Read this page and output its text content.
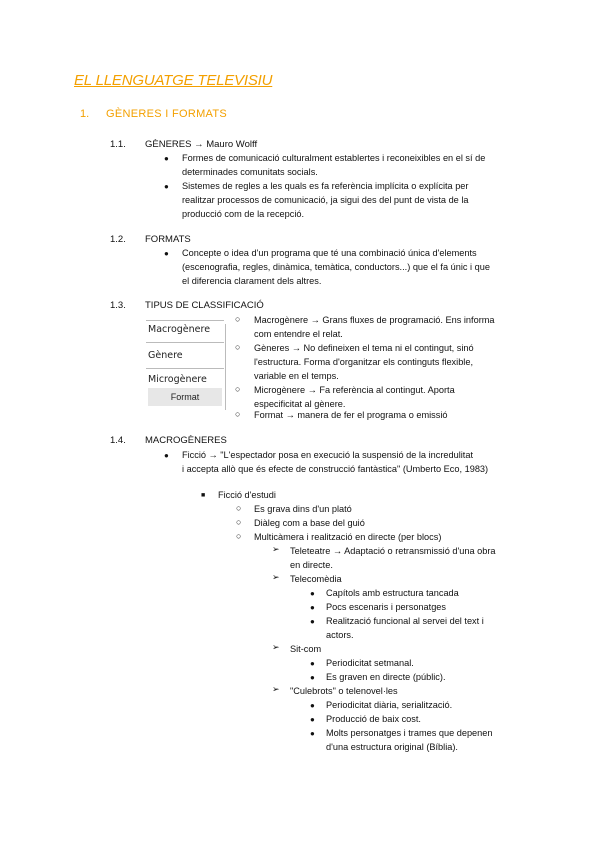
EL LLENGUATGE TELEVISIU
1. GÈNERES I FORMATS
1.1. GÈNERES → Mauro Wolff
● Formes de comunicació culturalment establertes i reconeixibles en el sí de
determinades comunitats socials.
● Sistemes de regles a les quals es fa referència implícita o explícita per
realitzar processos de comunicació, ja sigui des del punt de vista de la
producció com de la recepció.
1.2. FORMATS
● Concepte o idea d'un programa que té una combinació única d'elements
(escenografia, regles, dinàmica, temàtica, conductors...) que el fa únic i que
el diferencia clarament dels altres.
1.3. TIPUS DE CLASSIFICACIÓ
Macrogènere
Gènere
Microgènere
Format
○ Macrogènere → Grans fluxes de programació. Ens informa
com entendre el relat.
○ Gèneres → No defineixen el tema ni el contingut, sinó
l'estructura. Forma d'organitzar els continguts flexible,
variable en el temps.
○ Microgènere → Fa referència al contingut. Aporta
especificitat al gènere.
○ Format → manera de fer el programa o emissió
1.4. MACROGÈNERES
● Ficció → "L'espectador posa en execució la suspensió de la incredulitat
i accepta allò que és efecte de construcció fantàstica" (Umberto Eco, 1983)
■ Ficció d'estudi
○ Es grava dins d'un plató
○ Diàleg com a base del guió
○ Multicàmera i realització en directe (per blocs)
➢ Teleteatre → Adaptació o retransmissió d'una obra
en directe.
➢ Telecomèdia
● Capítols amb estructura tancada
● Pocs escenaris i personatges
● Realització funcional al servei del text i
actors.
➢ Sit-com
● Periodicitat setmanal.
● Es graven en directe (públic).
➢ "Culebrots" o telenovel·les
● Periodicitat diària, serialització.
● Producció de baix cost.
● Molts personatges i trames que depenen
d'una estructura original (Bíblia).
